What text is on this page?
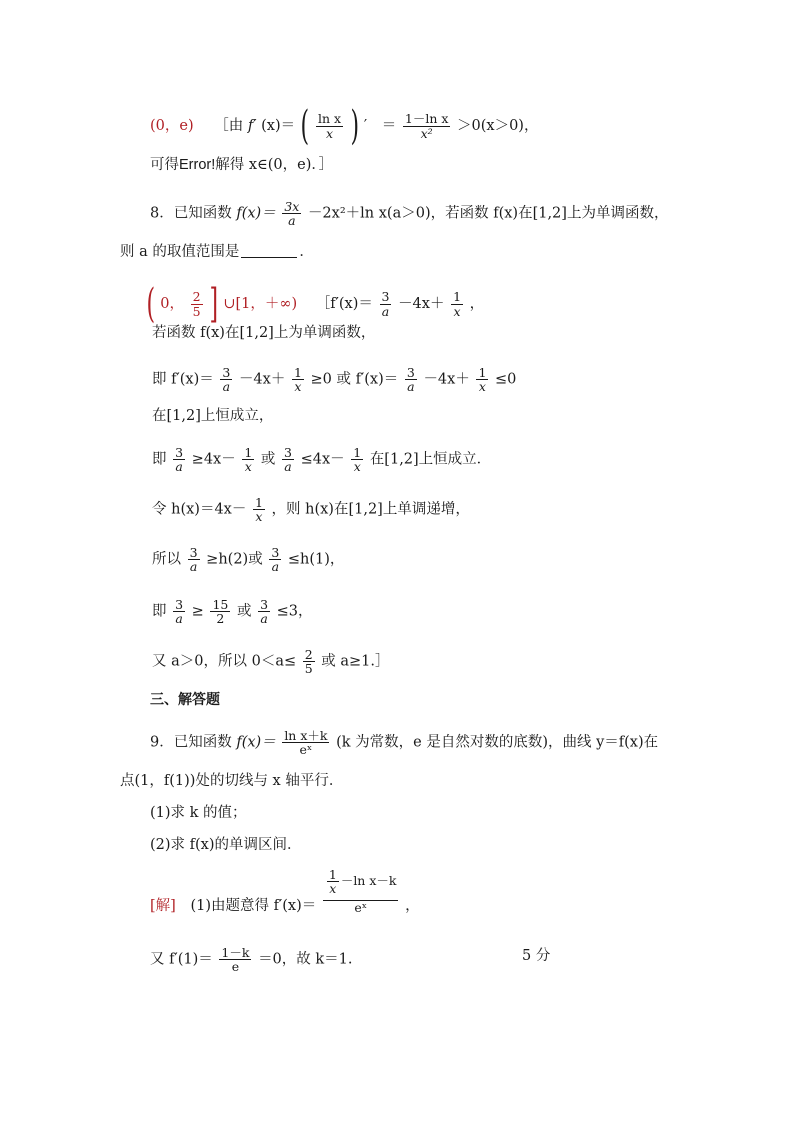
(0，e) ［由 f′ (x)＝ ( $\frac{\text{ln x}}{x}$ ) ′ ＝ $\frac{\text{1－ln x}}{\text{x²}} >0(x>0)$，
可得Error!解得 x∈(0，e)．］
8．已知函数 $f(x)= \frac{3x}{a} -2x^2+\ln$ x(a＞0)，若函数 f(x)在[1,2]上为单调函数，
则 a 的取值范围是	．
( 0， $\frac{2}{5}$ ] ∪[1，＋∞) ［f′(x)＝ $\frac{3}{a} -4x+ \frac{1}{x}$ ，
若函数 f(x)在[1,2]上为单调函数，
即 $f'(x)= \frac{3}{a} -4x+ \frac{1}{x} \ge 0$ 或 $f'(x)= \frac{3}{a} -4x+ \frac{1}{x} \le 0$
在[1,2]上恒成立，
即 $\frac{3}{a} \ge 4x- \frac{1}{x}$ 或 $\frac{3}{a} \le 4x- \frac{1}{x}$ 在[1,2]上恒成立．
令 $h(x)=4x- \frac{1}{x}$ ，则 h(x)在[1,2]上单调递增，
所以 $\frac{3}{a} \ge h(2)$或 $\frac{3}{a} \le h(1)$，
即 $\frac{3}{a} \ge \frac{15}{2}$ 或 $\frac{3}{a} \le 3$，
又 a＞0，所以 $0<a\le \frac{2}{5}$ 或 a≥1.］
三、解答题
9．已知函数 $f(x)= \frac{\text{ln x＋k}}{\text{eˣ}} (k$ 为常数，e 是自然对数的底数)，曲线 y＝f(x)在
点(1，f(1))处的切线与 x 轴平行．
(1)求 k 的值；
(2)求 f(x)的单调区间．
[解] (1)由题意得 $f'(x)= \frac{\frac{1}{x} -\ln x-k}{\text{eˣ}}$ ，
又 $f'(1)= \frac{1-k}{e} =0$，故 k＝1.	5 分
